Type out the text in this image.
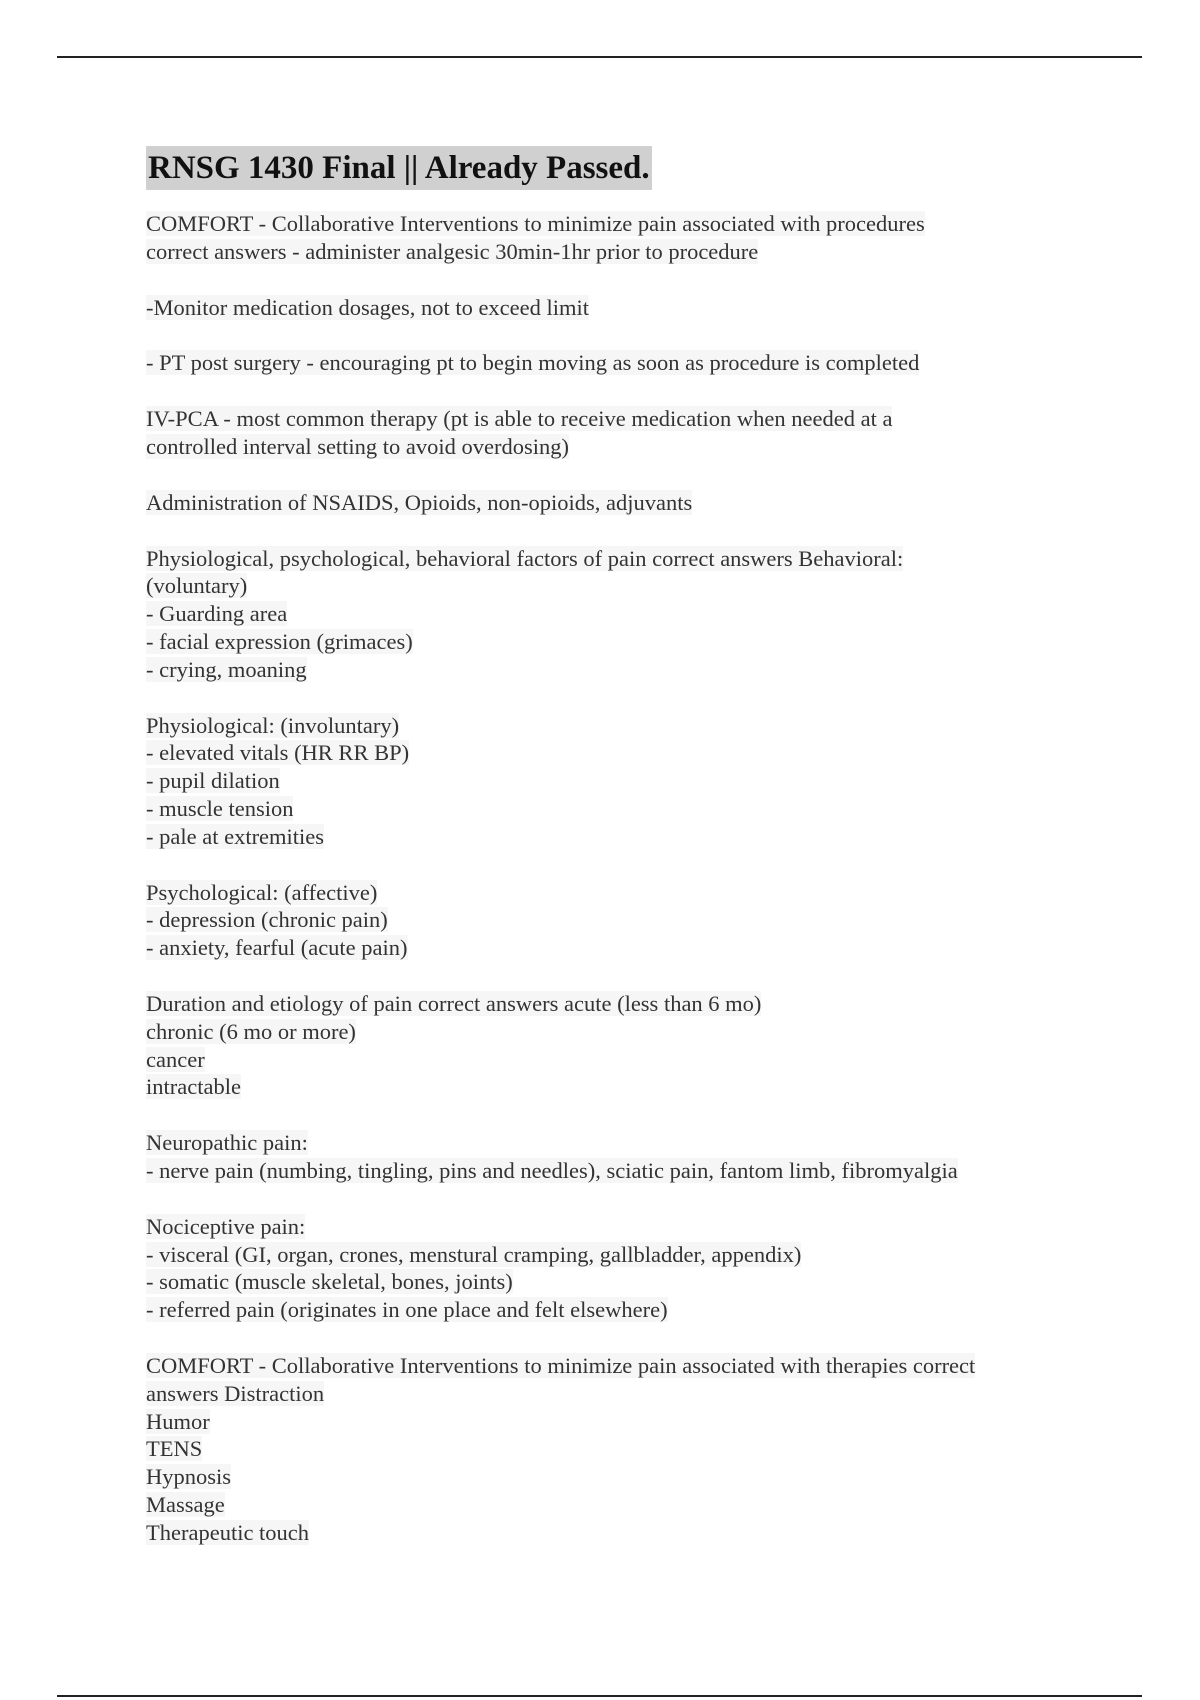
RNSG 1430 Final || Already Passed.
COMFORT - Collaborative Interventions to minimize pain associated with procedures
correct answers - administer analgesic 30min-1hr prior to procedure
-Monitor medication dosages, not to exceed limit
- PT post surgery - encouraging pt to begin moving as soon as procedure is completed
IV-PCA - most common therapy (pt is able to receive medication when needed at a
controlled interval setting to avoid overdosing)
Administration of NSAIDS, Opioids, non-opioids, adjuvants
Physiological, psychological, behavioral factors of pain correct answers Behavioral:
(voluntary)
- Guarding area
- facial expression (grimaces)
- crying, moaning
Physiological: (involuntary)
- elevated vitals (HR RR BP)
- pupil dilation
- muscle tension
- pale at extremities
Psychological: (affective)
- depression (chronic pain)
- anxiety, fearful (acute pain)
Duration and etiology of pain correct answers acute (less than 6 mo)
chronic (6 mo or more)
cancer
intractable
Neuropathic pain:
- nerve pain (numbing, tingling, pins and needles), sciatic pain, fantom limb, fibromyalgia
Nociceptive pain:
- visceral (GI, organ, crones, menstural cramping, gallbladder, appendix)
- somatic (muscle skeletal, bones, joints)
- referred pain (originates in one place and felt elsewhere)
COMFORT - Collaborative Interventions to minimize pain associated with therapies correct
answers Distraction
Humor
TENS
Hypnosis
Massage
Therapeutic touch
